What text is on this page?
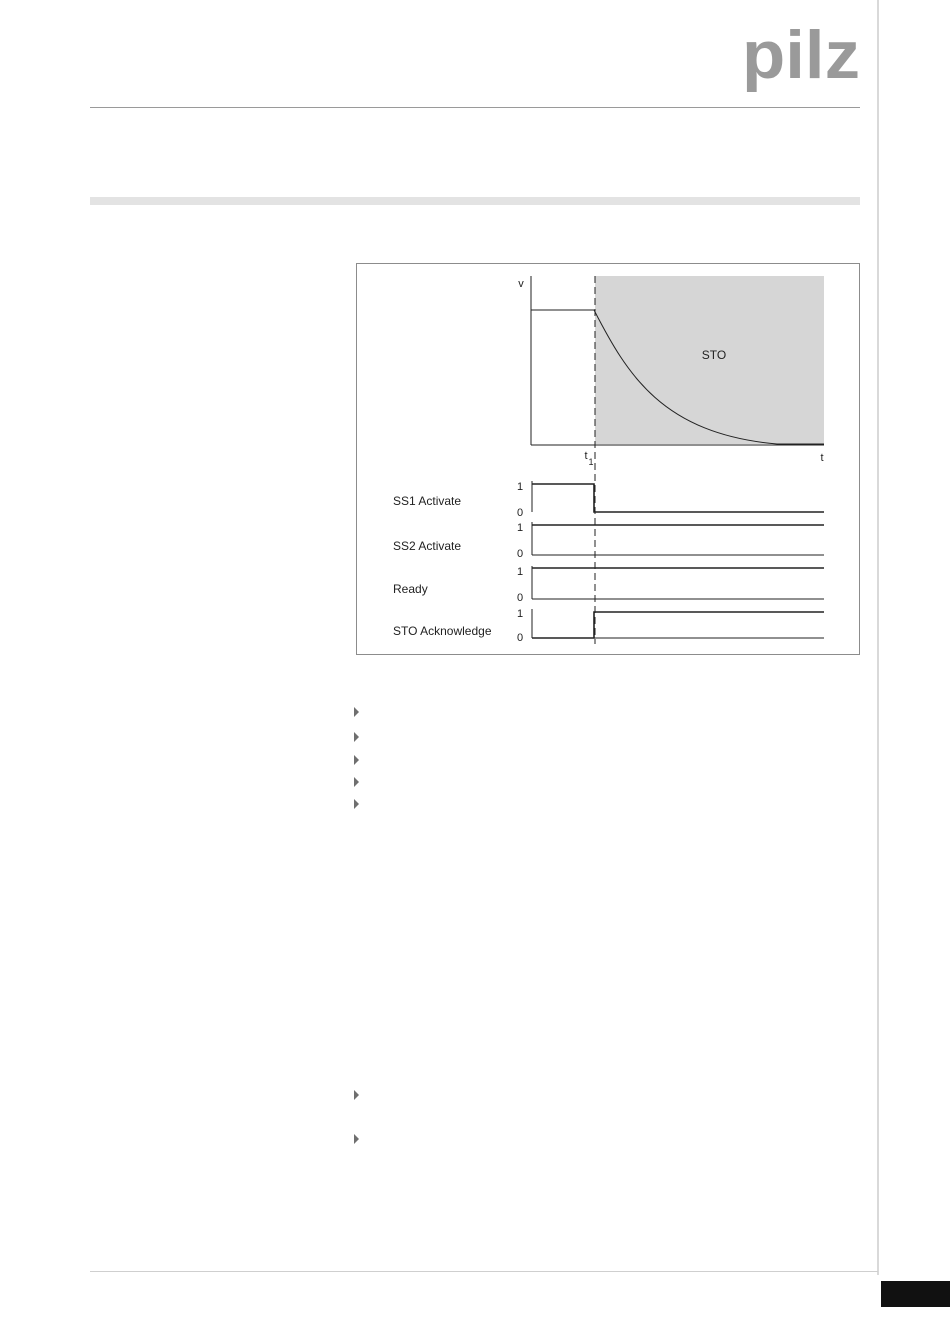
pilz
STO
v
t
t 1
SS1 Activate
1
0
SS2 Activate
1
0
Ready
1
0
STO Acknowledge
1
0
